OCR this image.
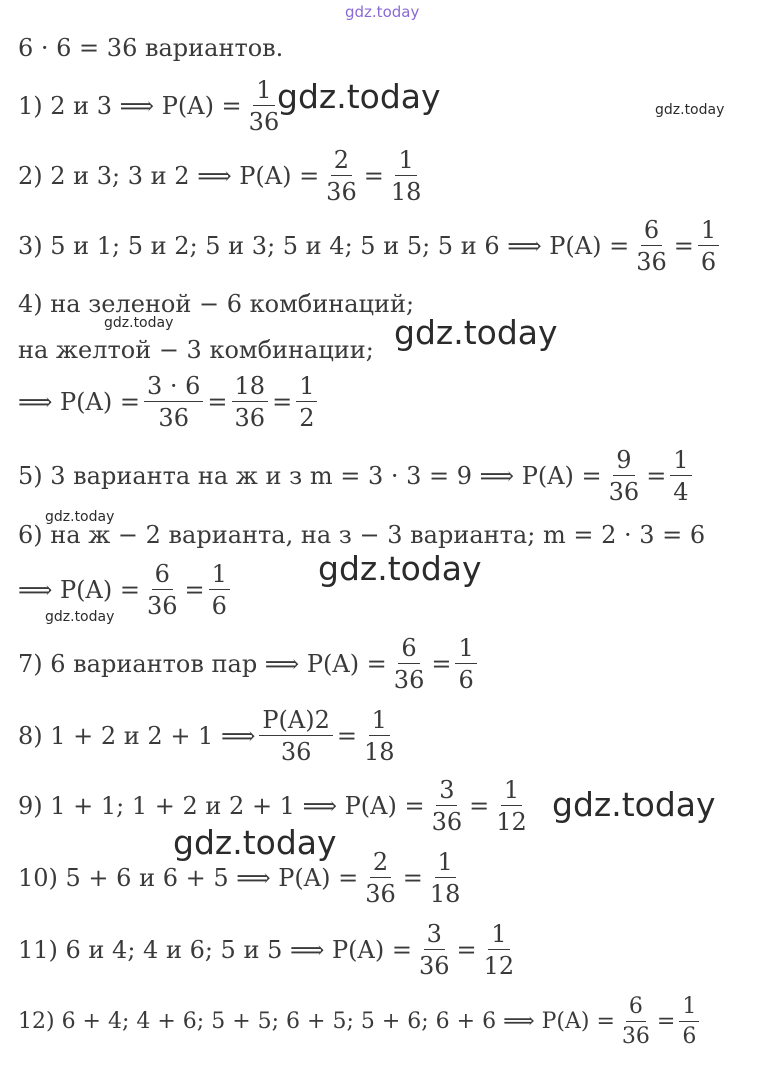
gdz.today
gdz.today	gdz.today
gdz.today	gdz.today
gdz.today
gdz.today
gdz.today
gdz.today
gdz.today
6 · 6 = 36 вариантов.
1) 2 и 3 ⟹ $P(A) = \frac{1}{36}$
2) 2 и 3; 3 и 2 ⟹ $P(A) = \frac{2}{36} = \frac{1}{18}$
3) 5 и 1; 5 и 2; 5 и 3; 5 и 4; 5 и 5; 5 и 6 ⟹ $P(A) = \frac{6}{36} = \frac{1}{6}$
4) на зеленой − 6 комбинаций;
на желтой − 3 комбинации;
⟹ $P(A) = \frac{3 \cdot 6}{36} = \frac{18}{36} = \frac{1}{2}$
5) 3 варианта на ж и з m = 3 · 3 = 9 ⟹ $P(A) = \frac{9}{36} = \frac{1}{4}$
6) на ж − 2 варианта, на з − 3 варианта; m = 2 · 3 = 6
⟹ $P(A) = \frac{6}{36} = \frac{1}{6}$
7) 6 вариантов пар ⟹ $P(A) = \frac{6}{36} = \frac{1}{6}$
8) 1 + 2 и 2 + 1 ⟹ $\frac{P(A)2}{36} = \frac{1}{18}$
9) 1 + 1; 1 + 2 и 2 + 1 ⟹ $P(A) = \frac{3}{36} = \frac{1}{12}$
10) 5 + 6 и 6 + 5 ⟹ $P(A) = \frac{2}{36} = \frac{1}{18}$
11) 6 и 4; 4 и 6; 5 и 5 ⟹ $P(A) = \frac{3}{36} = \frac{1}{12}$
12) 6 + 4; 4 + 6; 5 + 5; 6 + 5; 5 + 6; 6 + 6 ⟹ $P(A) = \frac{6}{36} = \frac{1}{6}$
